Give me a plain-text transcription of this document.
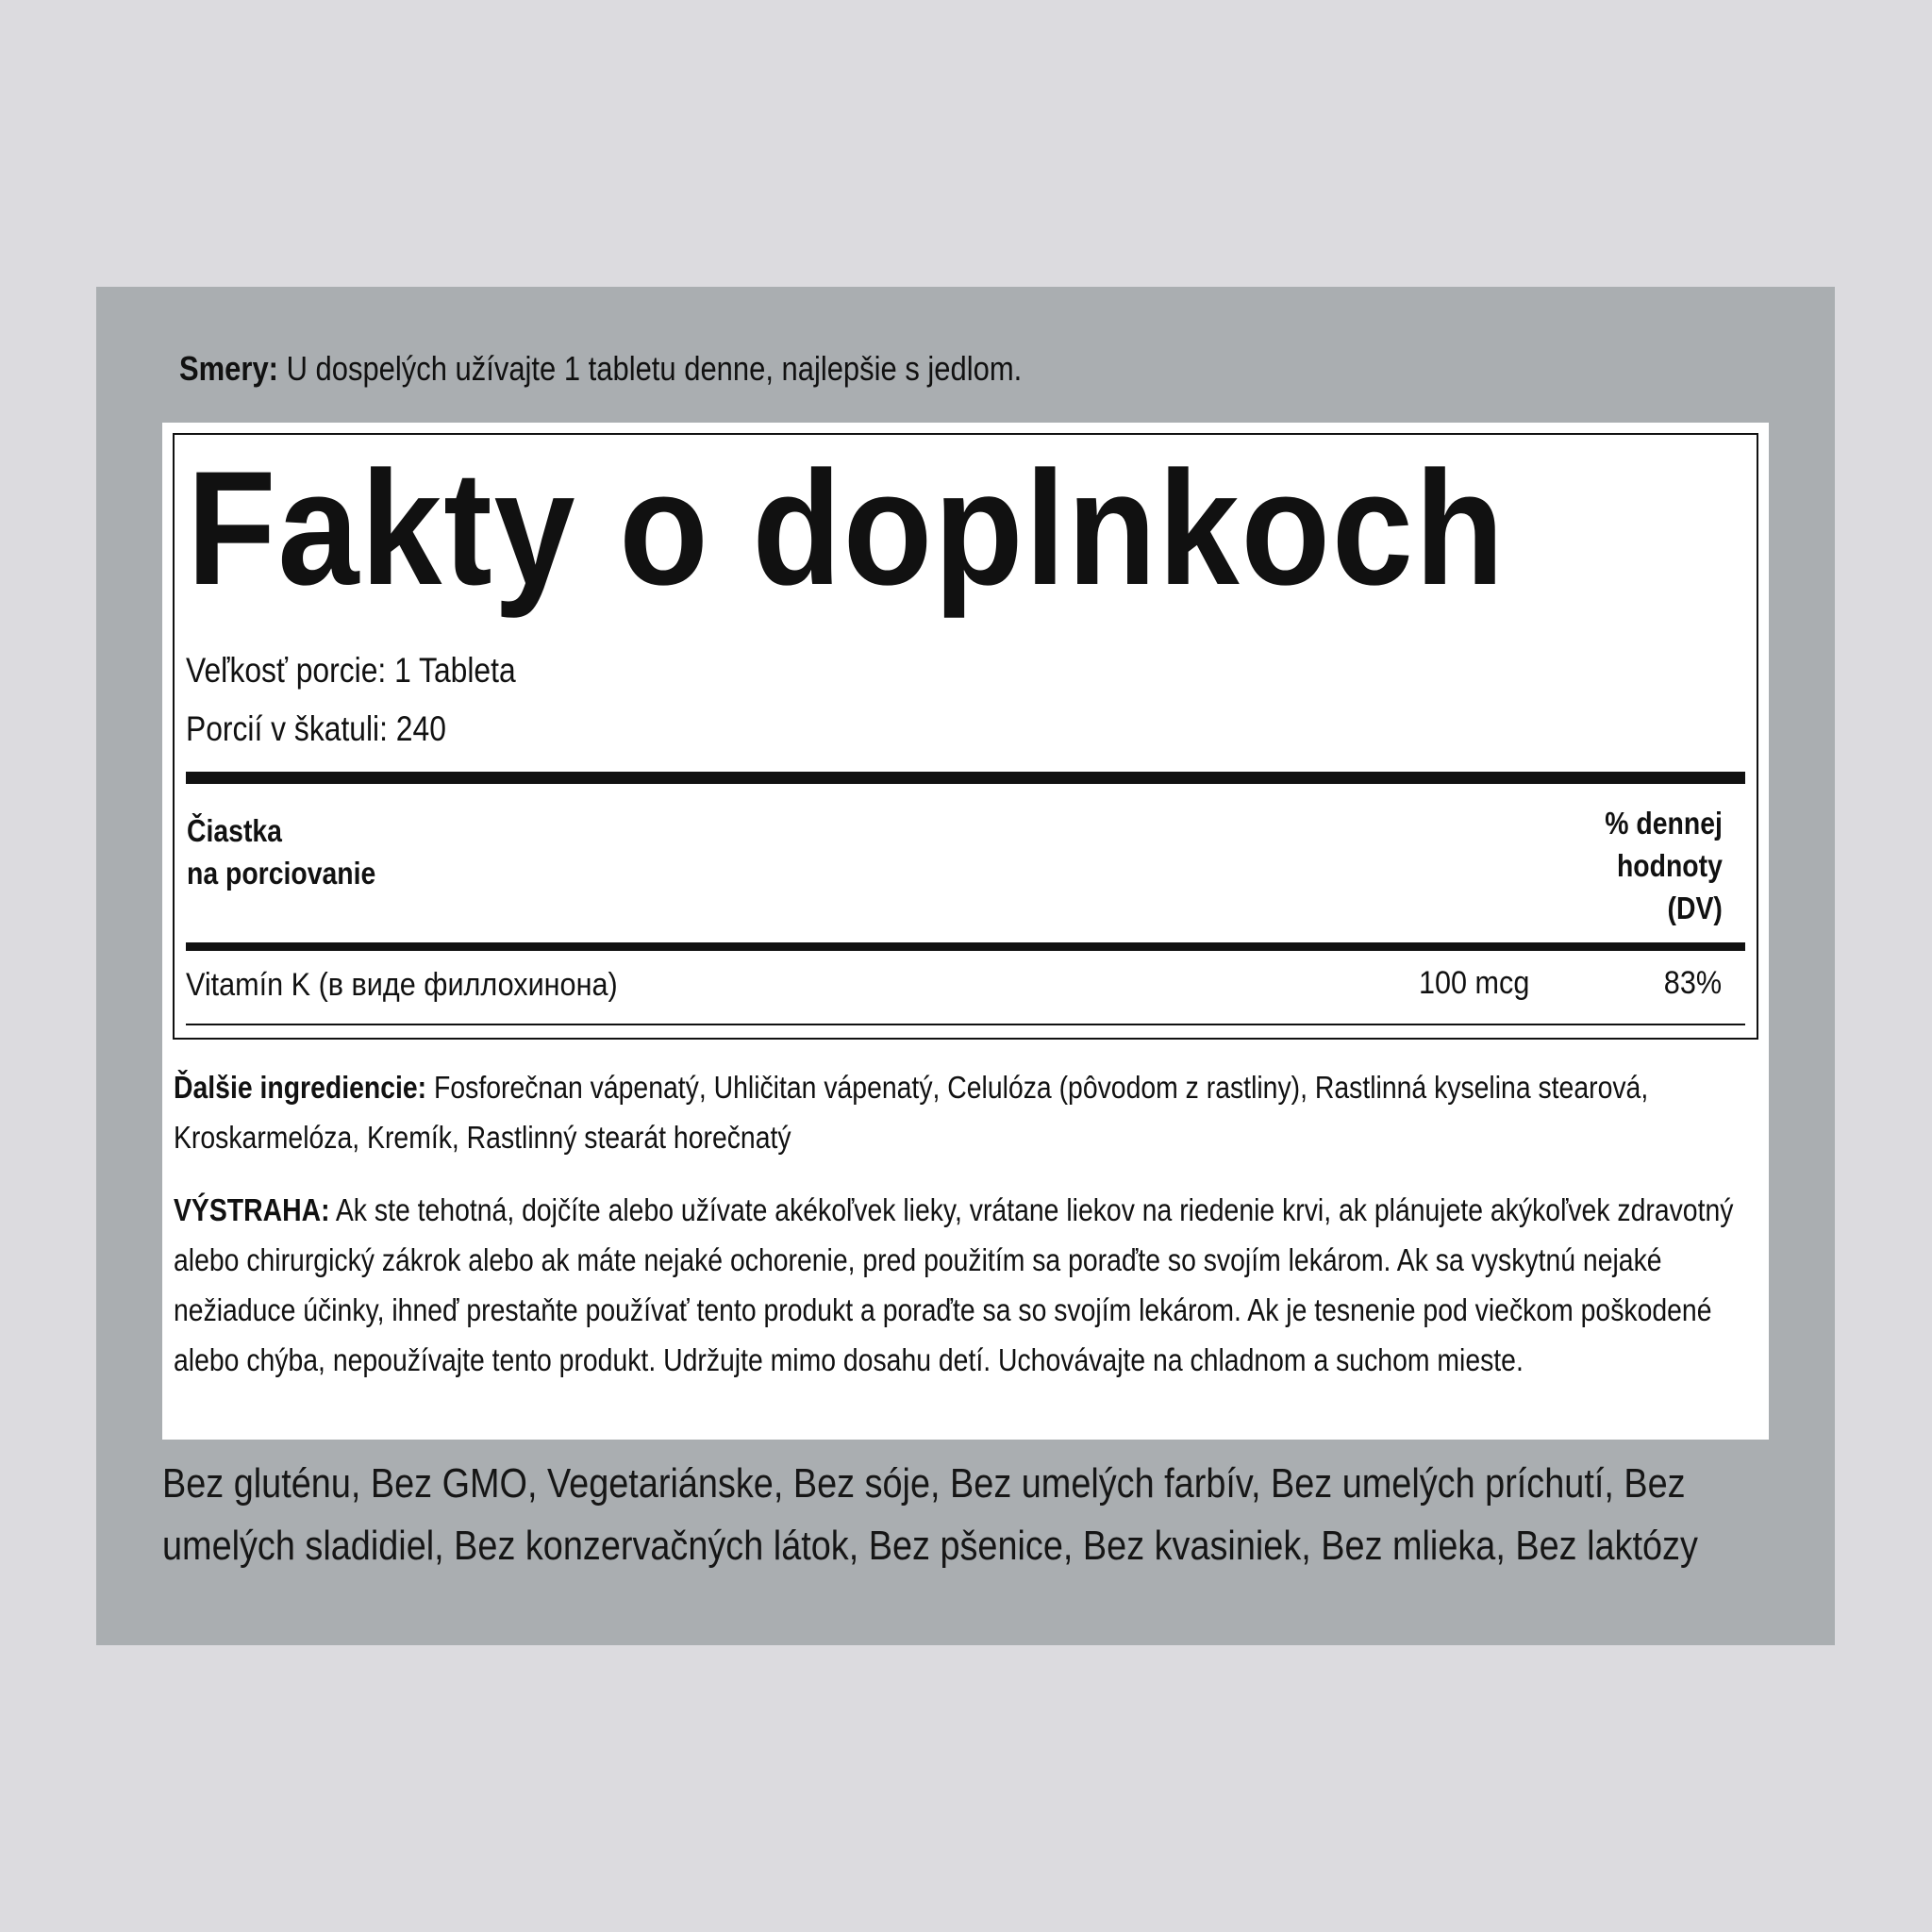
Smery: U dospelých užívajte 1 tabletu denne, najlepšie s jedlom.
Fakty o doplnkoch
Veľkosť porcie: 1 Tableta
Porcií v škatuli: 240
Čiastka
na porciovanie
% dennej
hodnoty
(DV)
Vitamín K (в виде филлохинона)	100 mcg	83%
Ďalšie ingrediencie: Fosforečnan vápenatý, Uhličitan vápenatý, Celulóza (pôvodom z rastliny), Rastlinná kyselina stearová, Kroskarmelóza, Kremík, Rastlinný stearát horečnatý
VÝSTRAHA: Ak ste tehotná, dojčíte alebo užívate akékoľvek lieky, vrátane liekov na riedenie krvi, ak plánujete akýkoľvek zdravotný alebo chirurgický zákrok alebo ak máte nejaké ochorenie, pred použitím sa poraďte so svojím lekárom. Ak sa vyskytnú nejaké nežiaduce účinky, ihneď prestaňte používať tento produkt a poraďte sa so svojím lekárom. Ak je tesnenie pod viečkom poškodené alebo chýba, nepoužívajte tento produkt. Udržujte mimo dosahu detí. Uchovávajte na chladnom a suchom mieste.
Bez gluténu, Bez GMO, Vegetariánske, Bez sóje, Bez umelých farbív, Bez umelých príchutí, Bez umelých sladidiel, Bez konzervačných látok, Bez pšenice, Bez kvasiniek, Bez mlieka, Bez laktózy
